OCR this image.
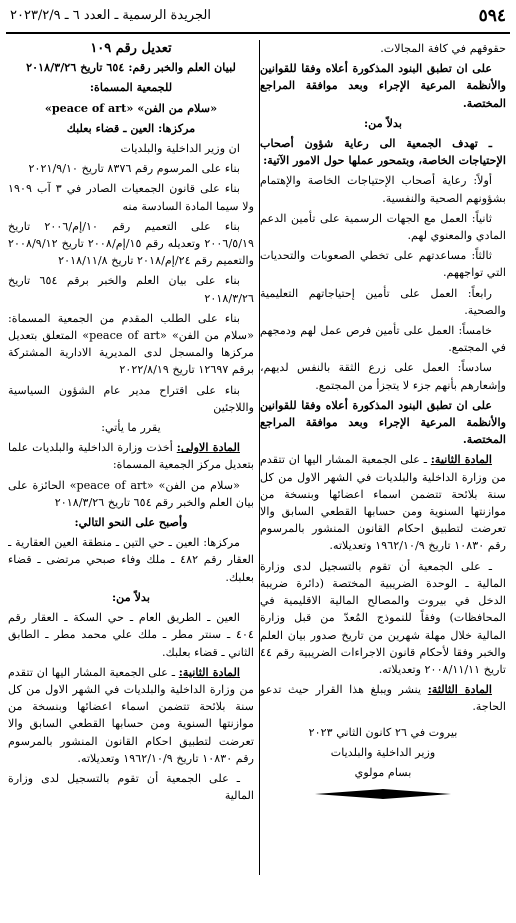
٥٩٤
الجريدة الرسمية ـ العدد ٦ ـ ٢٠٢٣/٢/٩

حقوقهم في كافة المجالات.

على ان تطبق البنود المذكورة أعلاه وفقا للقوانين والأنظمة المرعية الإجراء وبعد موافقة المراجع المختصة.

بدلاً من:

ـ تهدف الجمعية الى رعاية شؤون أصحاب الإحتياجات الخاصة، وبتمحور عملها حول الامور الآتية:

أولاً: رعاية أصحاب الإحتياجات الخاصة والإهتمام بشؤونهم الصحية والنفسية.

ثانياً: العمل مع الجهات الرسمية على تأمين الدعم المادي والمعنوي لهم.

ثالثاً: مساعدتهم على تخطي الصعوبات والتحديات التي تواجههم.

رابعاً: العمل على تأمين إحتياجاتهم التعليمية والصحية.

خامساً: العمل على تأمين فرص عمل لهم ودمجهم في المجتمع.

سادساً: العمل على زرع الثقة بالنفس لديهم، وإشعارهم بأنهم جزء لا يتجزأ من المجتمع.

على ان تطبق البنود المذكورة أعلاه وفقا للقوانين والأنظمة المرعية الإجراء وبعد موافقة المراجع المختصة.

المادة الثانية: ـ على الجمعية المشار اليها ان تتقدم من وزارة الداخلية والبلديات في الشهر الاول من كل سنة بلائحة تتضمن اسماء اعضائها وبنسخة من موازنتها السنوية ومن حسابها القطعي السابق والا تعرضت لتطبيق احكام القانون المنشور بالمرسوم رقم ١٠٨٣٠ تاريخ ١٩٦٢/١٠/٩ وتعديلاته.

ـ على الجمعية أن تقوم بالتسجيل لدى وزارة المالية ـ الوحدة الضريبية المختصة (دائرة ضريبة الدخل في بيروت والمصالح المالية الاقليمية في المحافظات) وفقاً للنموذج المُعدّ من قبل وزارة المالية خلال مهلة شهرين من تاريخ صدور بيان العلم والخبر وفقا لأحكام قانون الاجراءات الضريبية رقم ٤٤ تاريخ ٢٠٠٨/١١/١١ وتعديلاته.

المادة الثالثة: ينشر ويبلغ هذا القرار حيث تدعو الحاجة.

بيروت في ٢٦ كانون الثاني ٢٠٢٣

وزير الداخلية والبلديات

بسام مولوي

تعديل رقم ١٠٩

لبيان العلم والخبر رقم: ٦٥٤ تاريخ ٢٠١٨/٣/٢٦

للجمعية المسماة:

«سلام من الفن» «peace of art»

مركزها: العين ـ قضاء بعلبك

ان وزير الداخلية والبلديات

بناء على المرسوم رقم ٨٣٧٦ تاريخ ٢٠٢١/٩/١٠

بناء على قانون الجمعيات الصادر في ٣ آب ١٩٠٩ ولا سيما المادة السادسة منه

بناء على التعميم رقم ١٠/إم/٢٠٠٦ تاريخ ٢٠٠٦/٥/١٩ وتعديله رقم ١٥/إم/٢٠٠٨ تاريخ ٢٠٠٨/٩/١٢ والتعميم رقم ٢٤/إم/٢٠١٨ تاريخ ٢٠١٨/١١/٨

بناء على بيان العلم والخبر برقم ٦٥٤ تاريخ ٢٠١٨/٣/٢٦

بناء على الطلب المقدم من الجمعية المسماة: «سلام من الفن» «peace of art» المتعلق بتعديل مركزها والمسجل لدى المديرية الادارية المشتركة برقم ١٢٦٩٧ تاريخ ٢٠٢٢/٨/١٩

بناء على اقتراح مدير عام الشؤون السياسية واللاجئين

يقرر ما يأتي:

المادة الاولى: أخذت وزارة الداخلية والبلديات علما بتعديل مركز الجمعية المسماة:

«سلام من الفن» «peace of art» الحائزة على بيان العلم والخبر رقم ٦٥٤ تاريخ ٢٠١٨/٣/٢٦

وأصبح على النحو التالي:

مركزها: العين ـ حي التين ـ منطقة العين العقارية ـ العقار رقم ٤٨٢ ـ ملك وفاء صبحي مرتضى ـ قضاء بعلبك.

بدلاً من:

العين ـ الطريق العام ـ حي السكة ـ العقار رقم ٤٠٤ ـ سنتر مطر ـ ملك علي محمد مطر ـ الطابق الثاني ـ قضاء بعلبك.

المادة الثانية: ـ على الجمعية المشار اليها ان تتقدم من وزارة الداخلية والبلديات في الشهر الاول من كل سنة بلائحة تتضمن اسماء اعضائها وبنسخة من موازنتها السنوية ومن حسابها القطعي السابق والا تعرضت لتطبيق احكام القانون المنشور بالمرسوم رقم ١٠٨٣٠ تاريخ ١٩٦٢/١٠/٩ وتعديلاته.

ـ على الجمعية أن تقوم بالتسجيل لدى وزارة المالية
